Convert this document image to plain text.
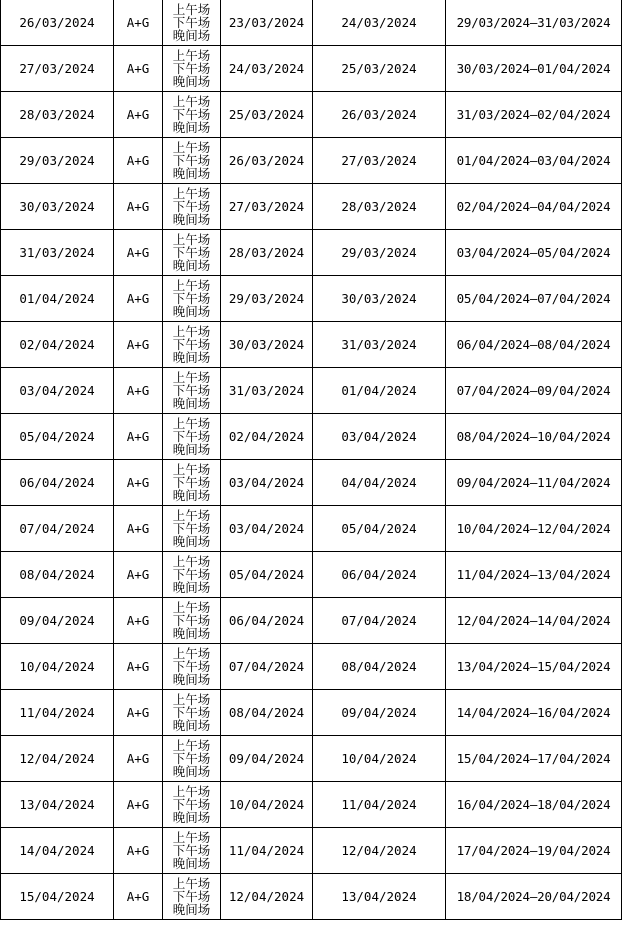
26/03/2024	A+G	上午场
下午场
晚间场	23/03/2024	24/03/2024	29/03/2024–31/03/2024
27/03/2024	A+G	上午场
下午场
晚间场	24/03/2024	25/03/2024	30/03/2024–01/04/2024
28/03/2024	A+G	上午场
下午场
晚间场	25/03/2024	26/03/2024	31/03/2024–02/04/2024
29/03/2024	A+G	上午场
下午场
晚间场	26/03/2024	27/03/2024	01/04/2024–03/04/2024
30/03/2024	A+G	上午场
下午场
晚间场	27/03/2024	28/03/2024	02/04/2024–04/04/2024
31/03/2024	A+G	上午场
下午场
晚间场	28/03/2024	29/03/2024	03/04/2024–05/04/2024
01/04/2024	A+G	上午场
下午场
晚间场	29/03/2024	30/03/2024	05/04/2024–07/04/2024
02/04/2024	A+G	上午场
下午场
晚间场	30/03/2024	31/03/2024	06/04/2024–08/04/2024
03/04/2024	A+G	上午场
下午场
晚间场	31/03/2024	01/04/2024	07/04/2024–09/04/2024
05/04/2024	A+G	上午场
下午场
晚间场	02/04/2024	03/04/2024	08/04/2024–10/04/2024
06/04/2024	A+G	上午场
下午场
晚间场	03/04/2024	04/04/2024	09/04/2024–11/04/2024
07/04/2024	A+G	上午场
下午场
晚间场	03/04/2024	05/04/2024	10/04/2024–12/04/2024
08/04/2024	A+G	上午场
下午场
晚间场	05/04/2024	06/04/2024	11/04/2024–13/04/2024
09/04/2024	A+G	上午场
下午场
晚间场	06/04/2024	07/04/2024	12/04/2024–14/04/2024
10/04/2024	A+G	上午场
下午场
晚间场	07/04/2024	08/04/2024	13/04/2024–15/04/2024
11/04/2024	A+G	上午场
下午场
晚间场	08/04/2024	09/04/2024	14/04/2024–16/04/2024
12/04/2024	A+G	上午场
下午场
晚间场	09/04/2024	10/04/2024	15/04/2024–17/04/2024
13/04/2024	A+G	上午场
下午场
晚间场	10/04/2024	11/04/2024	16/04/2024–18/04/2024
14/04/2024	A+G	上午场
下午场
晚间场	11/04/2024	12/04/2024	17/04/2024–19/04/2024
15/04/2024	A+G	上午场
下午场
晚间场	12/04/2024	13/04/2024	18/04/2024–20/04/2024
